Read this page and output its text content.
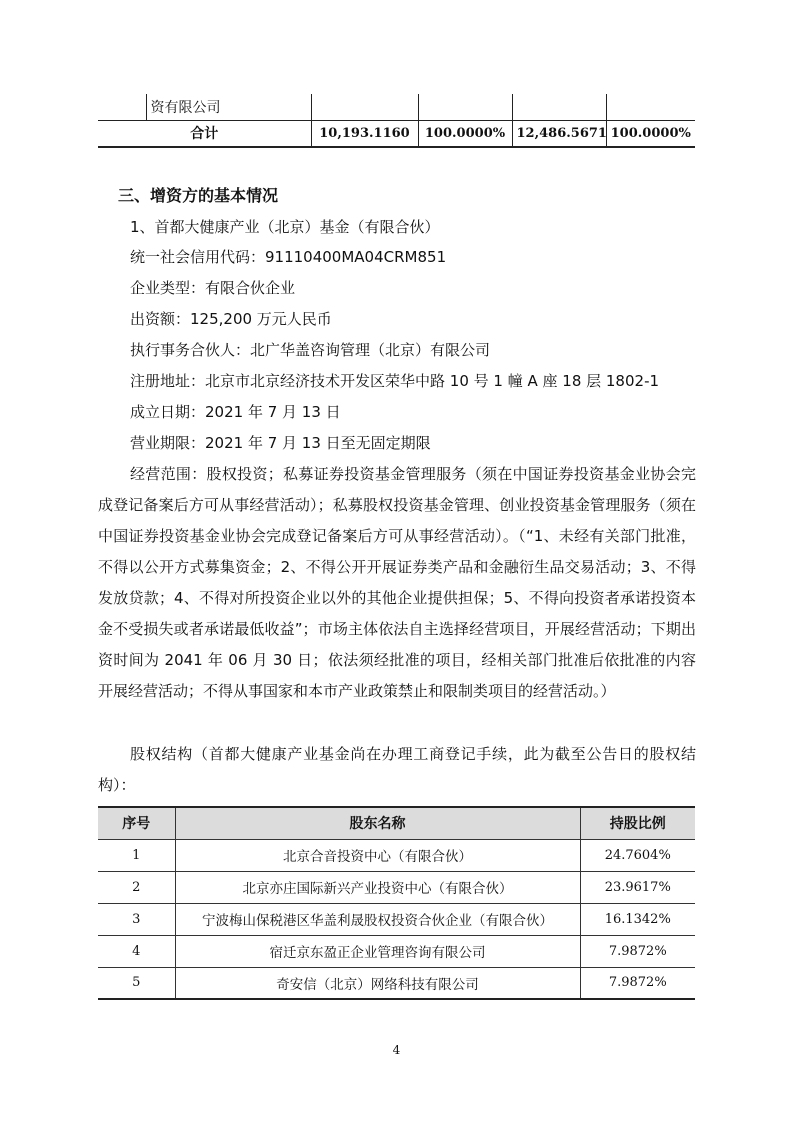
	资有限公司				
合计		10,193.1160	100.0000%	12,486.5671	100.0000%
三、增资方的基本情况
1、首都大健康产业（北京）基金（有限合伙）
统一社会信用代码：91110400MA04CRM851
企业类型：有限合伙企业
出资额：125,200 万元人民币
执行事务合伙人：北广华盖咨询管理（北京）有限公司
注册地址：北京市北京经济技术开发区荣华中路 10 号 1 幢 A 座 18 层 1802-1
成立日期：2021 年 7 月 13 日
营业期限：2021 年 7 月 13 日至无固定期限
经营范围：股权投资；私募证券投资基金管理服务（须在中国证券投资基金业协会完成登记备案后方可从事经营活动）；私募股权投资基金管理、创业投资基金管理服务（须在中国证券投资基金业协会完成登记备案后方可从事经营活动）。（“1、未经有关部门批准，不得以公开方式募集资金；2、不得公开开展证券类产品和金融衍生品交易活动；3、不得发放贷款；4、不得对所投资企业以外的其他企业提供担保；5、不得向投资者承诺投资本金不受损失或者承诺最低收益”；市场主体依法自主选择经营项目，开展经营活动；下期出资时间为 2041 年 06 月 30 日；依法须经批准的项目，经相关部门批准后依批准的内容开展经营活动；不得从事国家和本市产业政策禁止和限制类项目的经营活动。）
股权结构（首都大健康产业基金尚在办理工商登记手续，此为截至公告日的股权结构）：
序号	股东名称	持股比例
1	北京合音投资中心（有限合伙）	24.7604%
2	北京亦庄国际新兴产业投资中心（有限合伙）	23.9617%
3	宁波梅山保税港区华盖利晟股权投资合伙企业（有限合伙）	16.1342%
4	宿迁京东盈正企业管理咨询有限公司	7.9872%
5	奇安信（北京）网络科技有限公司	7.9872%
4
